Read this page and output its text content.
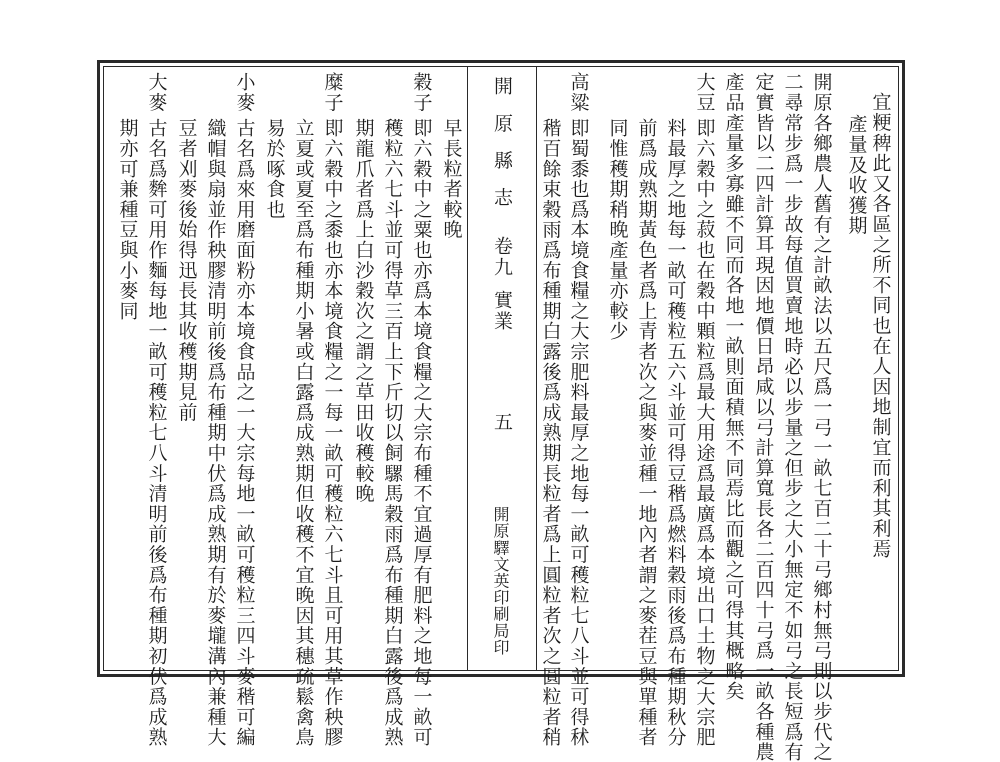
宜粳稗此又各區之所不同也在人因地制宜而利其利焉
產量及收獲期
開原各鄉農人舊有之計畝法以五尺爲一弓一畝七百二十弓鄉村無弓則以步代之
二尋常步爲一步故每值買賣地時必以步量之但步之大小無定不如弓之長短爲有
定實皆以二四計算耳現因地價日昂咸以弓計算寬長各二百四十弓爲一畝各種農
產品產量多寡雖不同而各地一畝則面積無不同焉比而觀之可得其概略矣
大豆
即六穀中之菽也在穀中顆粒爲最大用途爲最廣爲本境出口土物之大宗肥
料最厚之地每一畝可穫粒五六斗並可得豆稭爲燃料穀雨後爲布種期秋分
前爲成熟期黃色者爲上青者次之與麥並種一地內者謂之麥茬豆與單種者
同惟穫期稍晚產量亦較少
高粱
即蜀黍也爲本境食糧之大宗肥料最厚之地每一畝可穫粒七八斗並可得秫
稭百餘束穀雨爲布種期白露後爲成熟期長粒者爲上圓粒者次之圓粒者稍
開 原 縣 志
卷九
實業
五
開原驛文英印刷局印
早長粒者較晚
穀子
即六穀中之粟也亦爲本境食糧之大宗布種不宜過厚有肥料之地每一畝可
穫粒六七斗並可得草三百上下斤切以飼騾馬穀雨爲布種期白露後爲成熟
期龍爪者爲上白沙穀次之謂之草田收穫較晚
糜子
即六穀中之黍也亦本境食糧之一每一畝可穫粒六七斗且可用其草作秧膠
立夏或夏至爲布種期小暑或白露爲成熟期但收穫不宜晚因其穗疏鬆禽鳥
易於啄食也
小麥
古名爲來用磨面粉亦本境食品之一大宗每地一畝可穫粒三四斗麥稭可編
織帽與扇並作秧膠清明前後爲布種期中伏爲成熟期有於麥壠溝內兼種大
豆者刈麥後始得迅長其收穫期見前
大麥
古名爲麰可用作麵每地一畝可穫粒七八斗清明前後爲布種期初伏爲成熟
期亦可兼種豆與小麥同
